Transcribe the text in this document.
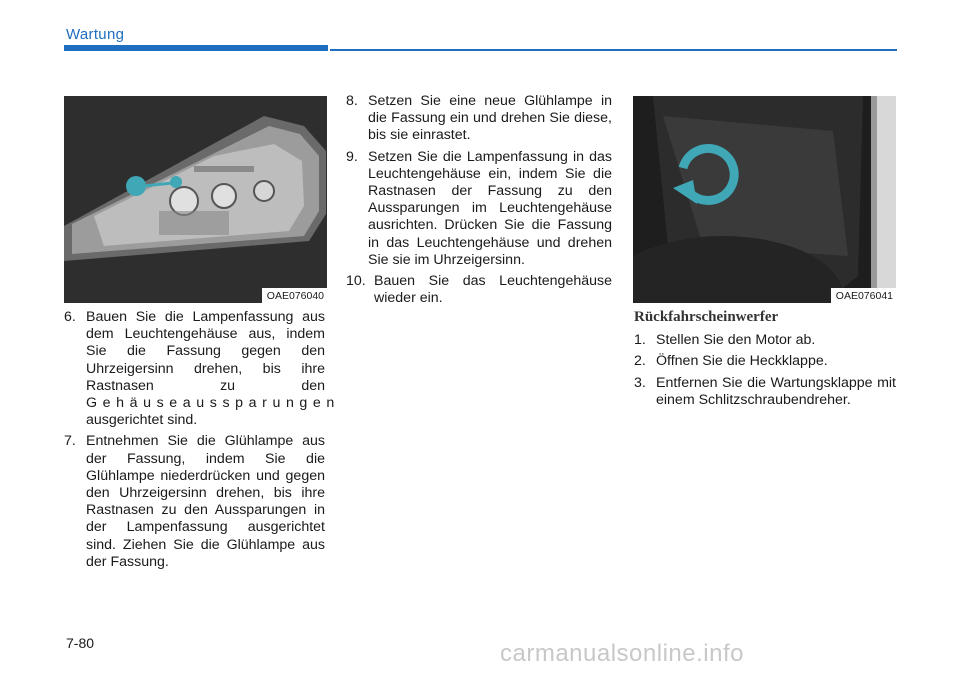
Wartung
OAE076040	OAE076041
6. Bauen Sie die Lampenfassung aus dem Leuchtengehäuse aus, indem Sie die Fassung gegen den Uhrzeigersinn drehen, bis ihre Rastnasen zu den Gehäuseaussparungen ausgerichtet sind.
7. Entnehmen Sie die Glühlampe aus der Fassung, indem Sie die Glühlampe niederdrücken und gegen den Uhrzeigersinn drehen, bis ihre Rastnasen zu den Aussparungen in der Lampenfassung ausgerichtet sind. Ziehen Sie die Glühlampe aus der Fassung.
8. Setzen Sie eine neue Glühlampe in die Fassung ein und drehen Sie diese, bis sie einrastet.
9. Setzen Sie die Lampenfassung in das Leuchtengehäuse ein, indem Sie die Rastnasen der Fassung zu den Aussparungen im Leuchtengehäuse ausrichten. Drücken Sie die Fassung in das Leuchtengehäuse und drehen Sie sie im Uhrzeigersinn.
10. Bauen Sie das Leuchtengehäuse wieder ein.
Rückfahrscheinwerfer
1. Stellen Sie den Motor ab.
2. Öffnen Sie die Heckklappe.
3. Entfernen Sie die Wartungsklappe mit einem Schlitzschraubendreher.
7-80	carmanualsonline.info
